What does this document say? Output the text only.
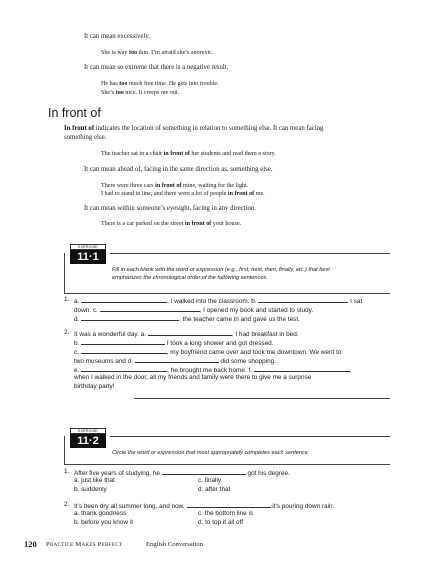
It can mean excessively.
She is way too thin. I’m afraid she’s anorexic.
It can mean so extreme that there is a negative result.
He has too much free time. He gets into trouble.
She’s too nice. It creeps me out.
In front of
In front of indicates the location of something in relation to something else. It can mean facing
something else.
The teacher sat in a chair in front of her students and read them a story.
It can mean ahead of, facing in the same direction as, something else.
There were three cars in front of mine, waiting for the light.
I had to stand in line, and there were a lot of people in front of me.
It can mean within someone’s eyesight, facing in any direction.
There is a car parked on the street in front of your house.
EXERCISE
11·1
Fill in each blank with the word or expression (e.g., first, next, then, finally, etc.) that best
emphasizes the chronological order of the following sentences.
1. a.	, I walked into the classroom. b.	I sat
down. c.	, I opened my book and started to study.
d.	, the teacher came in and gave us the test.
2. It was a wonderful day. a.	, I had breakfast in bed.
b.	I took a long shower and got dressed.
c.	, my boyfriend came over and took me downtown. We went to
two museums and d.	did some shopping.
e.	, he brought me back home. f.	,
when I walked in the door, all my friends and family were there to give me a surprise
birthday party!
EXERCISE
11·2
Circle the word or expression that most appropriately completes each sentence.
1. After five years of studying, he	got his degree.
a. just like that
b. suddenly
c. finally
d. after that
2. It’s been dry all summer long, and now,	it’s pouring down rain.
a. thank goodness
b. before you know it
c. the bottom line is
d. to top it all off
120 Practice Makes Perfect	English Conversation
